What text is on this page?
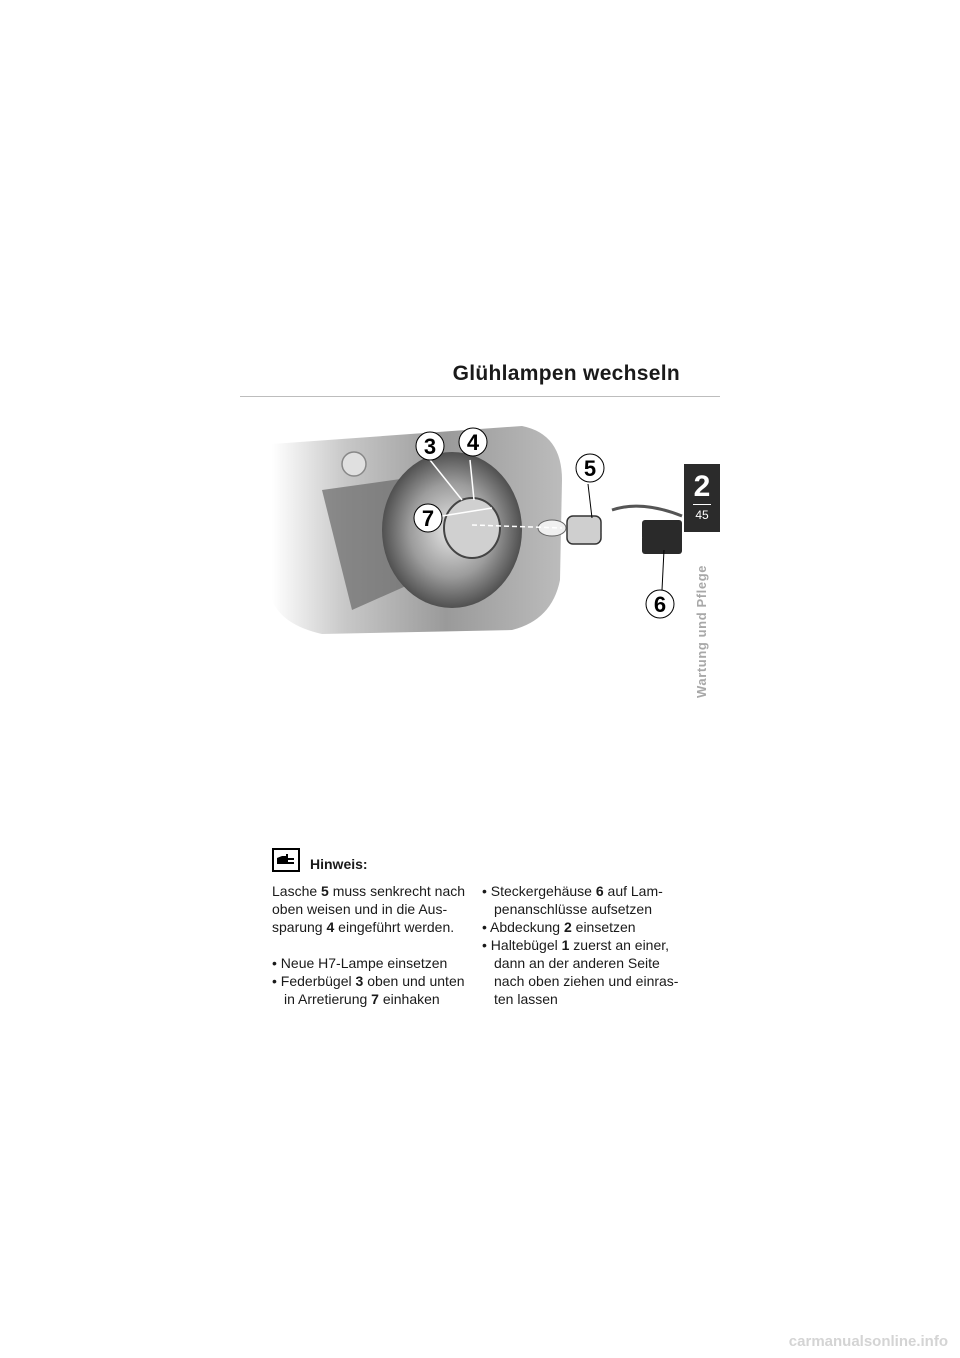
Glühlampen wechseln
2
45
Wartung und Pflege
3 4
5
7
6
Hinweis:

Lasche 5 muss senkrecht nach oben weisen und in die Aus-sparung 4 eingeführt werden.

• Neue H7-Lampe einsetzen

• Federbügel 3 oben und unten in Arretierung 7 einhaken

• Steckergehäuse 6 auf Lam-penanschlüsse aufsetzen

• Abdeckung 2 einsetzen

• Haltebügel 1 zuerst an einer, dann an der anderen Seite nach oben ziehen und einras-ten lassen

carmanualsonline.info
